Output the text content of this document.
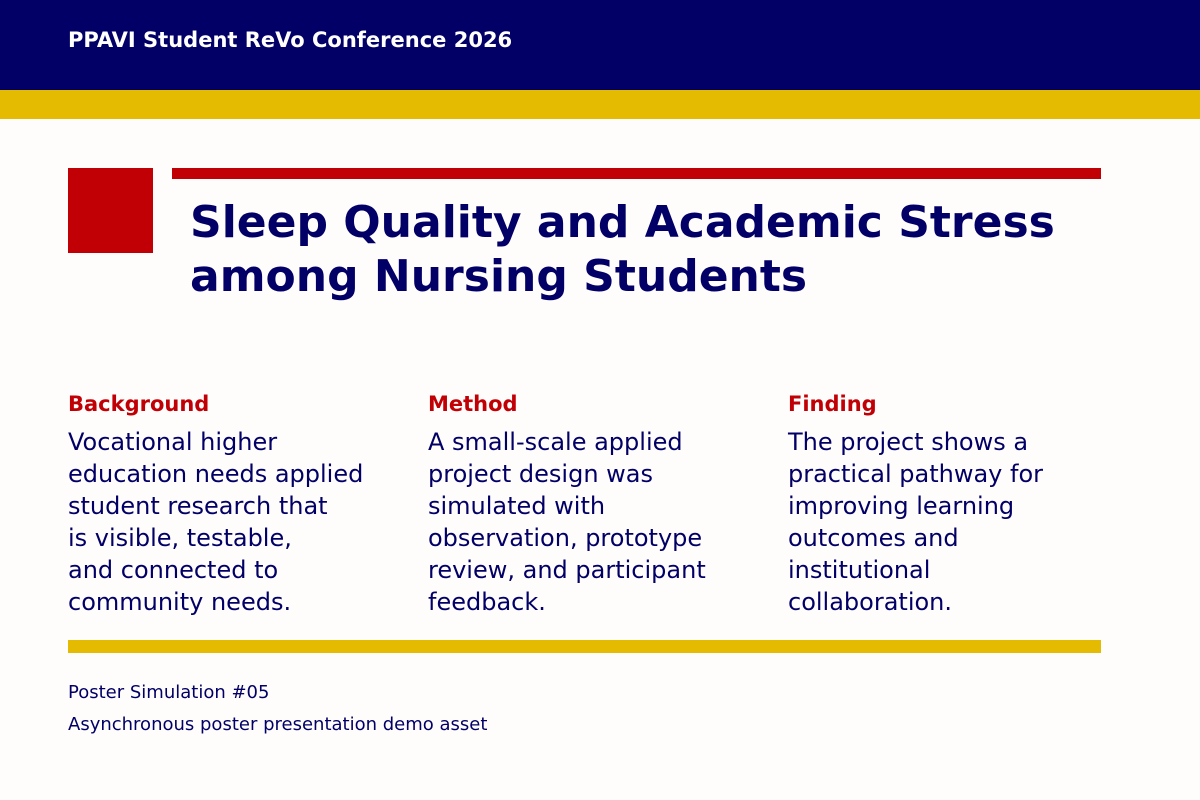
PPAVI Student ReVo Conference 2026
Sleep Quality and Academic Stress among Nursing Students
Background
Vocational higher
education needs applied
student research that
is visible, testable,
and connected to
community needs.
Method
A small-scale applied
project design was
simulated with
observation, prototype
review, and participant
feedback.
Finding
The project shows a
practical pathway for
improving learning
outcomes and
institutional
collaboration.
Poster Simulation #05
Asynchronous poster presentation demo asset
